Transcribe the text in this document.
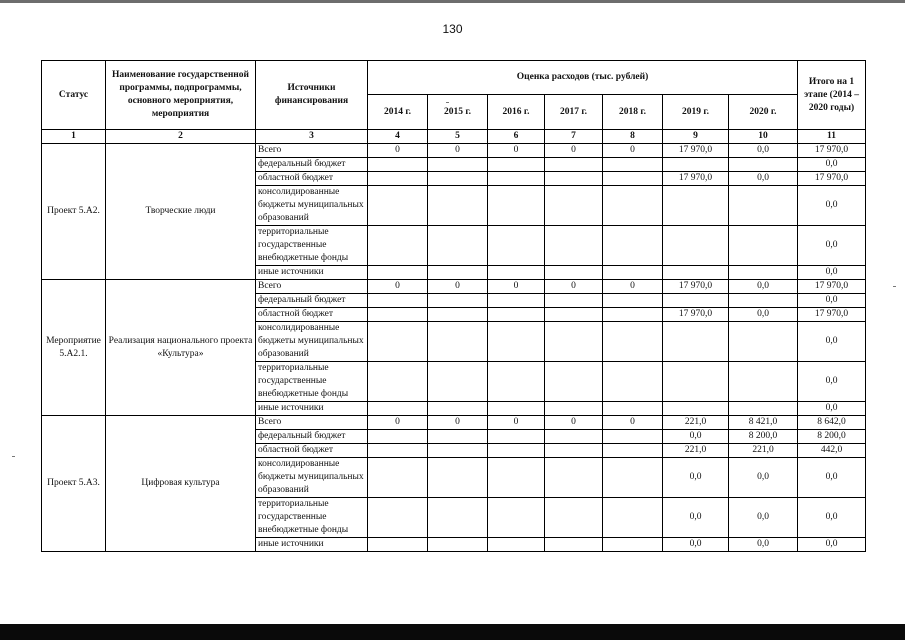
130
Статус	Наименование государственной программы, подпрограммы, основного мероприятия, мероприятия	Источники финансирования	Оценка расходов (тыс. рублей)							Итого на 1 этапе (2014 – 2020 годы)
			2014 г.	2015 г.	2016 г.	2017 г.	2018 г.	2019 г.	2020 г.	
1	2	3	4	5	6	7	8	9	10	11
Проект 5.А2.	Творческие люди	Всего	0	0	0	0	0	17 970,0	0,0	17 970,0
		федеральный бюджет								0,0
		областной бюджет						17 970,0	0,0	17 970,0
		консолидированные бюджеты муниципальных образований								0,0
		территориальные государственные внебюджетные фонды								0,0
		иные источники								0,0
Мероприятие 5.А2.1.	Реализация национального проекта «Культура»	Всего	0	0	0	0	0	17 970,0	0,0	17 970,0
		федеральный бюджет								0,0
		областной бюджет						17 970,0	0,0	17 970,0
		консолидированные бюджеты муниципальных образований								0,0
		территориальные государственные внебюджетные фонды								0,0
		иные источники								0,0
Проект 5.А3.	Цифровая культура	Всего	0	0	0	0	0	221,0	8 421,0	8 642,0
		федеральный бюджет						0,0	8 200,0	8 200,0
		областной бюджет						221,0	221,0	442,0
		консолидированные бюджеты муниципальных образований						0,0	0,0	0,0
		территориальные государственные внебюджетные фонды						0,0	0,0	0,0
		иные источники						0,0	0,0	0,0
